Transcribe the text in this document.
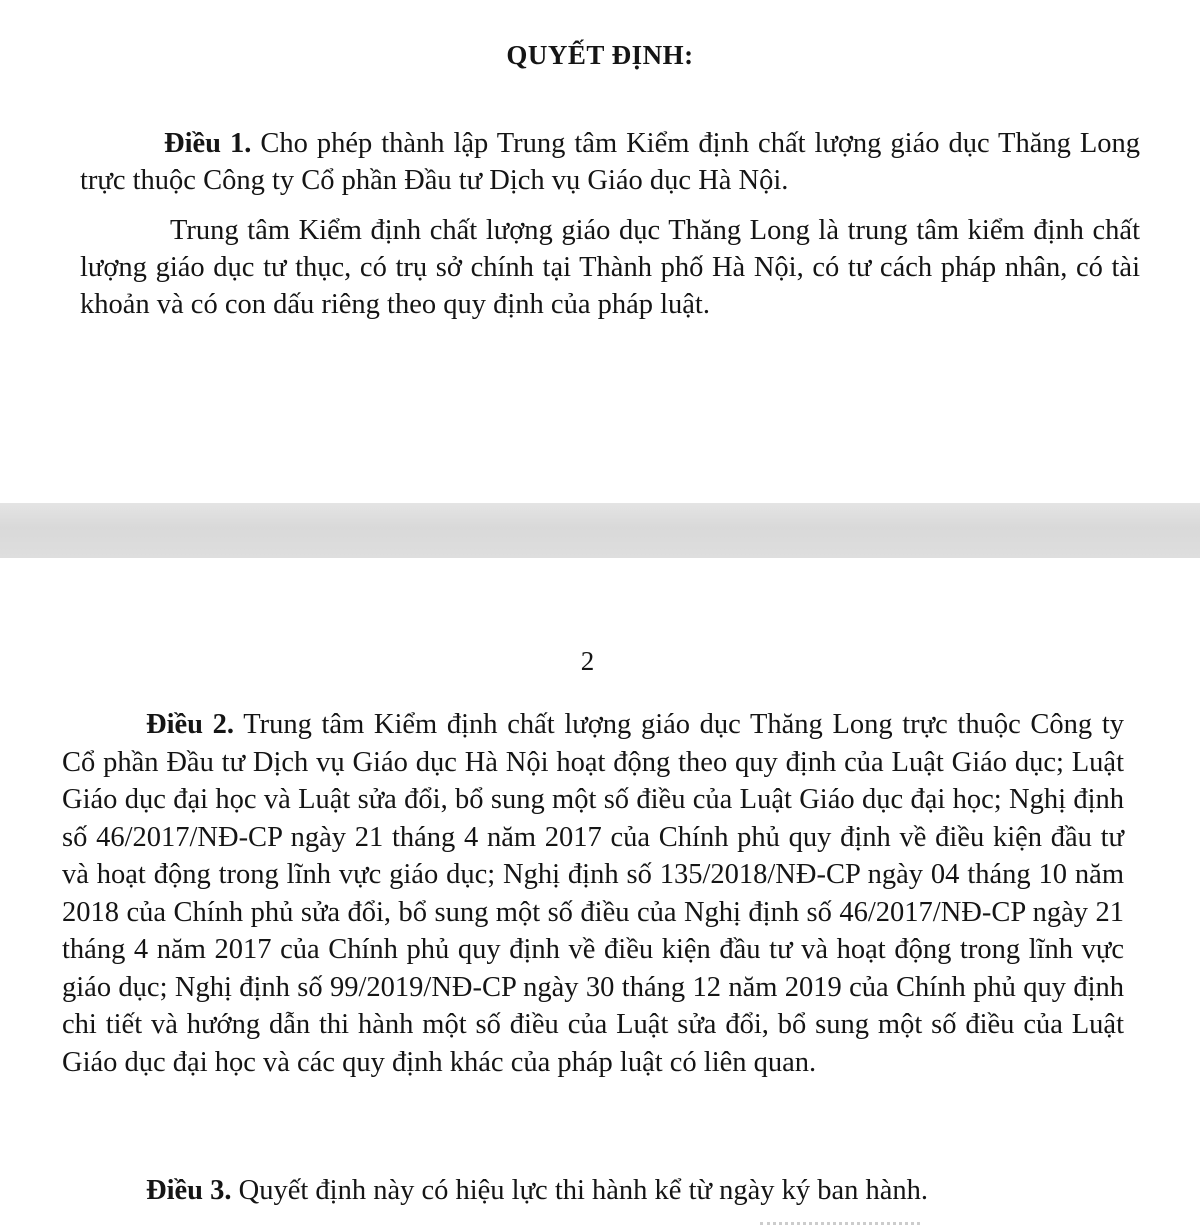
QUYẾT ĐỊNH:
Điều 1. Cho phép thành lập Trung tâm Kiểm định chất lượng giáo dục Thăng Long trực thuộc Công ty Cổ phần Đầu tư Dịch vụ Giáo dục Hà Nội.
Trung tâm Kiểm định chất lượng giáo dục Thăng Long là trung tâm kiểm định chất lượng giáo dục tư thục, có trụ sở chính tại Thành phố Hà Nội, có tư cách pháp nhân, có tài khoản và có con dấu riêng theo quy định của pháp luật.
2
Điều 2. Trung tâm Kiểm định chất lượng giáo dục Thăng Long trực thuộc Công ty Cổ phần Đầu tư Dịch vụ Giáo dục Hà Nội hoạt động theo quy định của Luật Giáo dục; Luật Giáo dục đại học và Luật sửa đổi, bổ sung một số điều của Luật Giáo dục đại học; Nghị định số 46/2017/NĐ-CP ngày 21 tháng 4 năm 2017 của Chính phủ quy định về điều kiện đầu tư và hoạt động trong lĩnh vực giáo dục; Nghị định số 135/2018/NĐ-CP ngày 04 tháng 10 năm 2018 của Chính phủ sửa đổi, bổ sung một số điều của Nghị định số 46/2017/NĐ-CP ngày 21 tháng 4 năm 2017 của Chính phủ quy định về điều kiện đầu tư và hoạt động trong lĩnh vực giáo dục; Nghị định số 99/2019/NĐ-CP ngày 30 tháng 12 năm 2019 của Chính phủ quy định chi tiết và hướng dẫn thi hành một số điều của Luật sửa đổi, bổ sung một số điều của Luật Giáo dục đại học và các quy định khác của pháp luật có liên quan.
Điều 3. Quyết định này có hiệu lực thi hành kể từ ngày ký ban hành.
